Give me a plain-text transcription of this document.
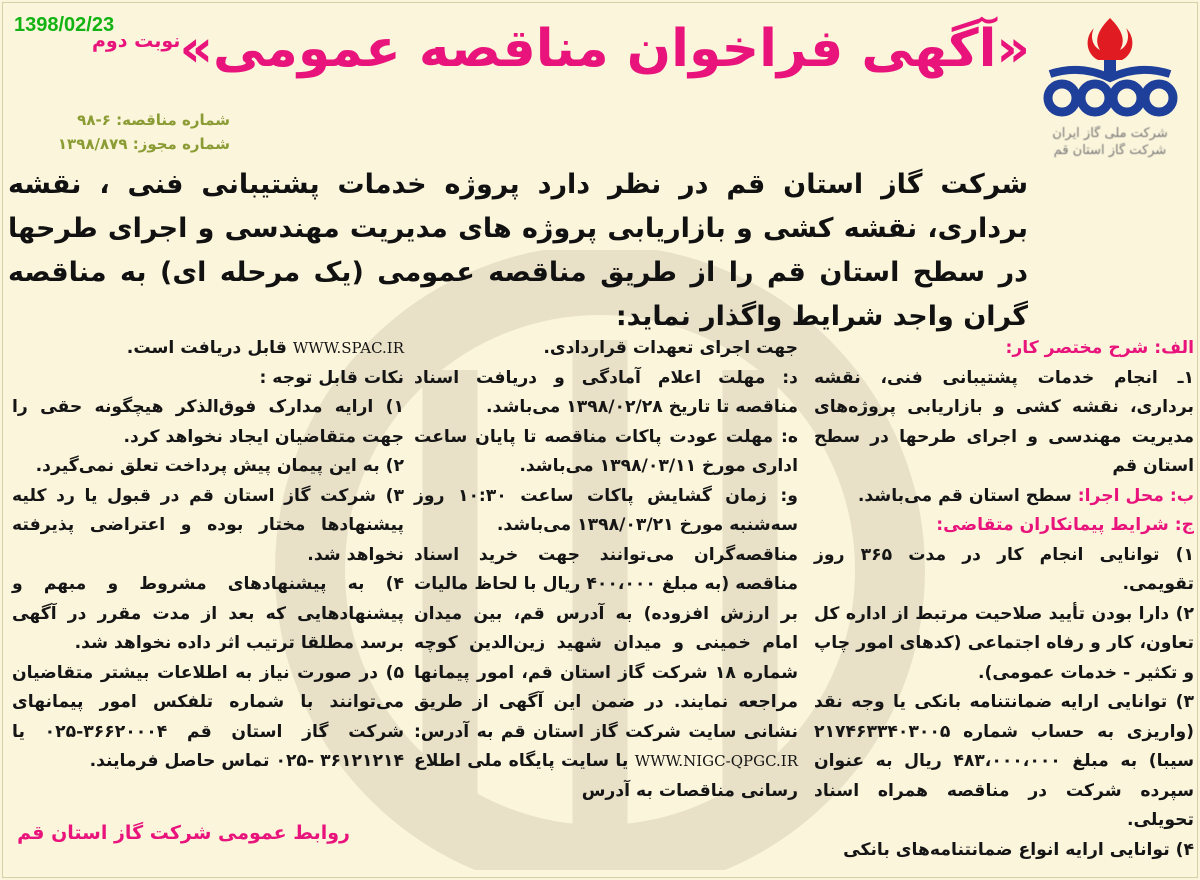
1398/02/23
شرکت ملی گاز ایران
شرکت گاز استان قم
«آگهی فراخوان مناقصه عمومی»
نوبت دوم
شماره مناقصه: ۶-۹۸
شماره مجوز: ۱۳۹۸/۸۷۹
شرکت گاز استان قم در نظر دارد پروژه خدمات پشتیبانی فنی ، نقشه برداری، نقشه کشی و بازاریابی پروژه های مدیریت مهندسی و اجرای طرحها در سطح استان قم را از طریق مناقصه عمومی (یک مرحله ای) به مناقصه گران واجد شرایط واگذار نماید:

الف: شرح مختصر کار:

۱ـ انجام خدمات پشتیبانی فنی، نقشه برداری، نقشه کشی و بازاریابی پروژه‌های مدیریت مهندسی و اجرای طرحها در سطح استان قم

ب: محل اجرا: سطح استان قم می‌باشد.

ج: شرایط پیمانکاران متقاضی:

۱) توانایی انجام کار در مدت ۳۶۵ روز تقویمی.

۲) دارا بودن تأیید صلاحیت مرتبط از اداره کل تعاون، کار و رفاه اجتماعی (کدهای امور چاپ و تکثیر - خدمات عمومی).

۳) توانایی ارایه ضمانتنامه بانکی یا وجه نقد (واریزی به حساب شماره ۲۱۷۴۶۳۳۴۰۳۰۰۵ سیبا) به مبلغ ۴۸۳،۰۰۰،۰۰۰ ریال به عنوان سپرده شرکت در مناقصه همراه اسناد تحویلی.

۴) توانایی ارایه انواع ضمانتنامه‌های بانکی

جهت اجرای تعهدات قراردادی.

د: مهلت اعلام آمادگی و دریافت اسناد مناقصه تا تاریخ ۱۳۹۸/۰۲/۲۸ می‌باشد.

ه: مهلت عودت پاکات مناقصه تا پایان ساعت اداری مورخ ۱۳۹۸/۰۳/۱۱ می‌باشد.

و: زمان گشایش پاکات ساعت ۱۰:۳۰ روز سه‌شنبه مورخ ۱۳۹۸/۰۳/۲۱ می‌باشد.

مناقصه‌گران می‌توانند جهت خرید اسناد مناقصه (به مبلغ ۴۰۰،۰۰۰ ریال با لحاظ مالیات بر ارزش افزوده) به آدرس قم، بین میدان امام خمینی و میدان شهید زین‌الدین کوچه شماره ۱۸ شرکت گاز استان قم، امور پیمانها مراجعه نمایند. در ضمن این آگهی از طریق نشانی سایت شرکت گاز استان قم به آدرس: WWW.NIGC-QPGC.IR یا سایت پایگاه ملی اطلاع رسانی مناقصات به آدرس

WWW.SPAC.IR قابل دریافت است.

نکات قابل توجه :

۱) ارایه مدارک فوق‌الذکر هیچگونه حقی را جهت متقاضیان ایجاد نخواهد کرد.

۲) به این پیمان پیش پرداخت تعلق نمی‌گیرد.

۳) شرکت گاز استان قم در قبول یا رد کلیه پیشنهادها مختار بوده و اعتراضی پذیرفته نخواهد شد.

۴) به پیشنهادهای مشروط و مبهم و پیشنهادهایی که بعد از مدت مقرر در آگهی برسد مطلقا ترتیب اثر داده نخواهد شد.

۵) در صورت نیاز به اطلاعات بیشتر متقاضیان می‌توانند با شماره تلفکس امور پیمانهای شرکت گاز استان قم ۳۶۶۲۰۰۰۴-۰۲۵ یا ۳۶۱۲۱۲۱۴ -۰۲۵ تماس حاصل فرمایند.

روابط عمومی شرکت گاز استان قم
